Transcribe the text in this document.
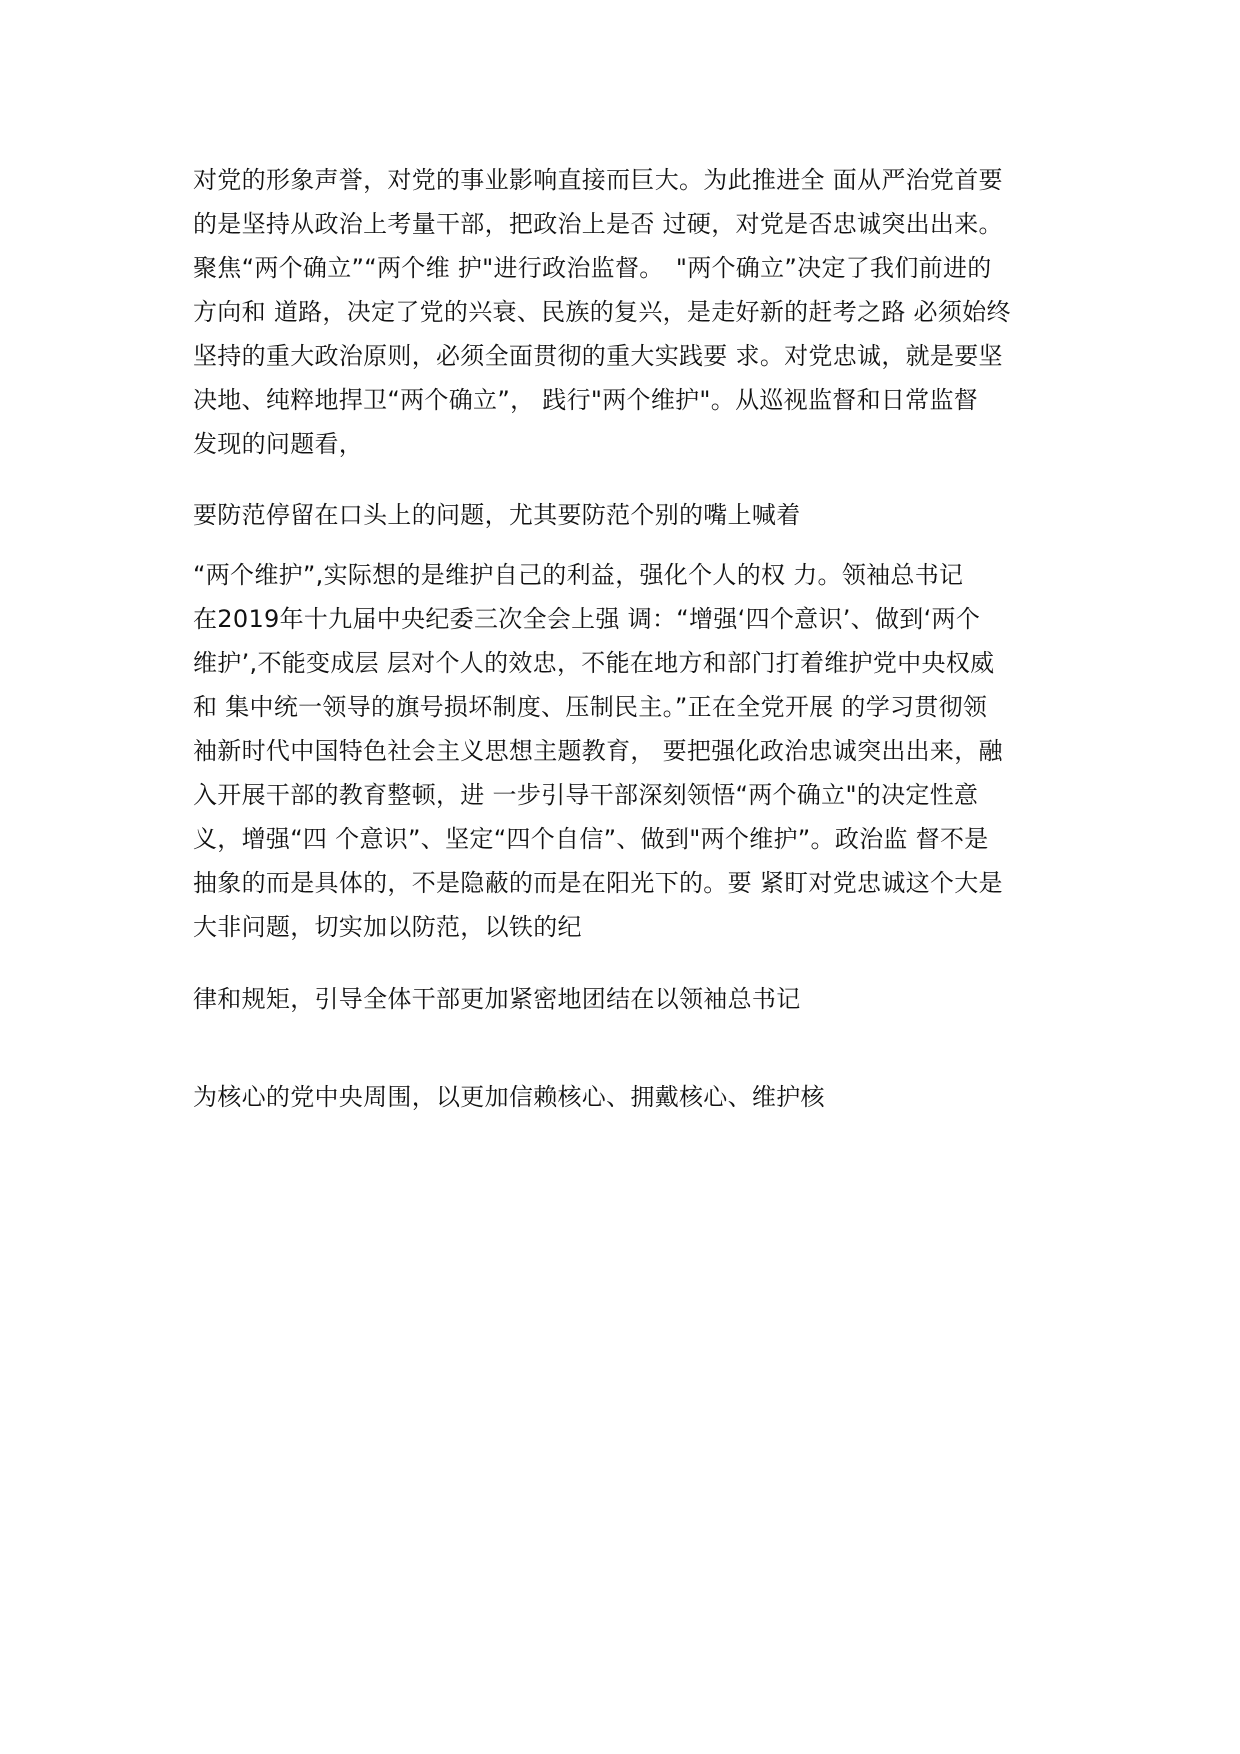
对党的形象声誉，对党的事业影响直接而巨大。为此推进全 面从严治党首要
的是坚持从政治上考量干部，把政治上是否 过硬，对党是否忠诚突出出来。
聚焦“两个确立”“两个维 护"进行政治监督。　"两个确立”决定了我们前进的
方向和 道路，决定了党的兴衰、民族的复兴，是走好新的赶考之路 必须始终
坚持的重大政治原则，必须全面贯彻的重大实践要 求。对党忠诚，就是要坚
决地、纯粹地捍卫“两个确立”， 践行"两个维护"。从巡视监督和日常监督
发现的问题看，
要防范停留在口头上的问题，尤其要防范个别的嘴上喊着
“两个维护”,实际想的是维护自己的利益，强化个人的权 力。领袖总书记
在2019年十九届中央纪委三次全会上强 调：“增强‘四个意识’、做到‘两个
维护’,不能变成层 层对个人的效忠，不能在地方和部门打着维护党中央权威
和 集中统一领导的旗号损坏制度、压制民主。”正在全党开展 的学习贯彻领
袖新时代中国特色社会主义思想主题教育， 要把强化政治忠诚突出出来，融
入开展干部的教育整顿，进 一步引导干部深刻领悟“两个确立"的决定性意
义，增强“四 个意识”、坚定“四个自信”、做到"两个维护”。政治监 督不是
抽象的而是具体的，不是隐蔽的而是在阳光下的。要 紧盯对党忠诚这个大是
大非问题，切实加以防范，以铁的纪
律和规矩，引导全体干部更加紧密地团结在以领袖总书记
为核心的党中央周围，以更加信赖核心、拥戴核心、维护核
